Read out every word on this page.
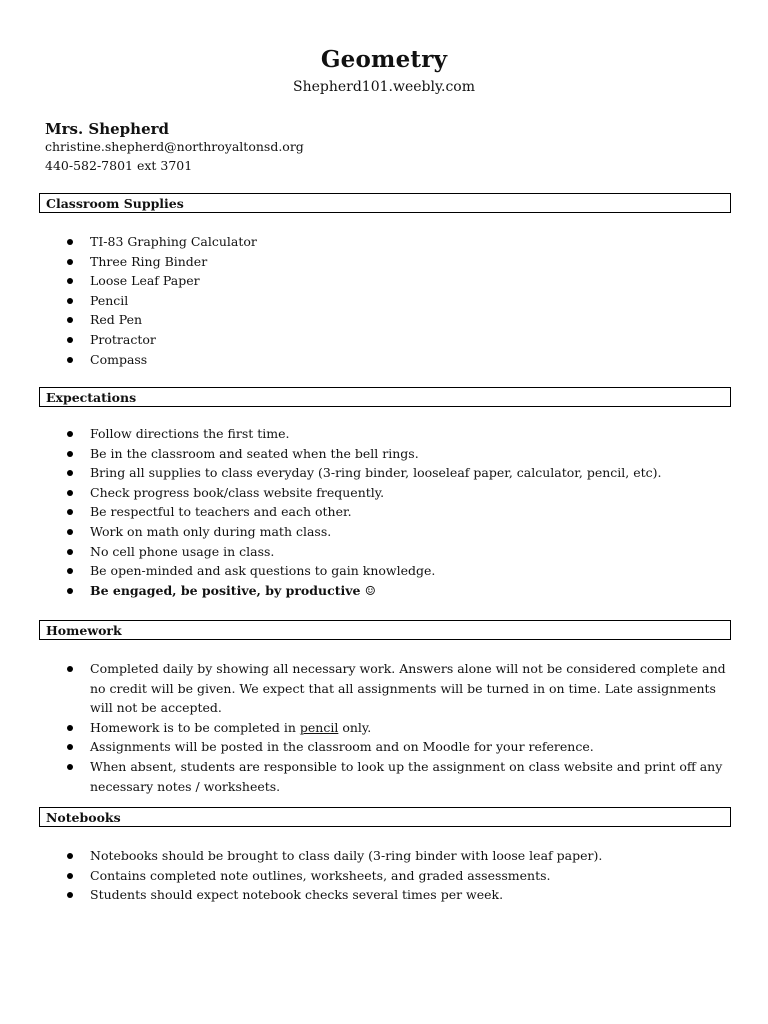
Geometry
Shepherd101.weebly.com
Mrs. Shepherd
christine.shepherd@northroyaltonsd.org
440-582-7801 ext 3701
Classroom Supplies
TI-83 Graphing Calculator
Three Ring Binder
Loose Leaf Paper
Pencil
Red Pen
Protractor
Compass
Expectations
Follow directions the first time.
Be in the classroom and seated when the bell rings.
Bring all supplies to class everyday (3-ring binder, looseleaf paper, calculator, pencil, etc).
Check progress book/class website frequently.
Be respectful to teachers and each other.
Work on math only during math class.
No cell phone usage in class.
Be open-minded and ask questions to gain knowledge.
Be engaged, be positive, by productive ☺
Homework
Completed daily by showing all necessary work. Answers alone will not be considered complete and no credit will be given. We expect that all assignments will be turned in on time. Late assignments will not be accepted.
Homework is to be completed in pencil only.
Assignments will be posted in the classroom and on Moodle for your reference.
When absent, students are responsible to look up the assignment on class website and print off any necessary notes / worksheets.
Notebooks
Notebooks should be brought to class daily (3-ring binder with loose leaf paper).
Contains completed note outlines, worksheets, and graded assessments.
Students should expect notebook checks several times per week.
